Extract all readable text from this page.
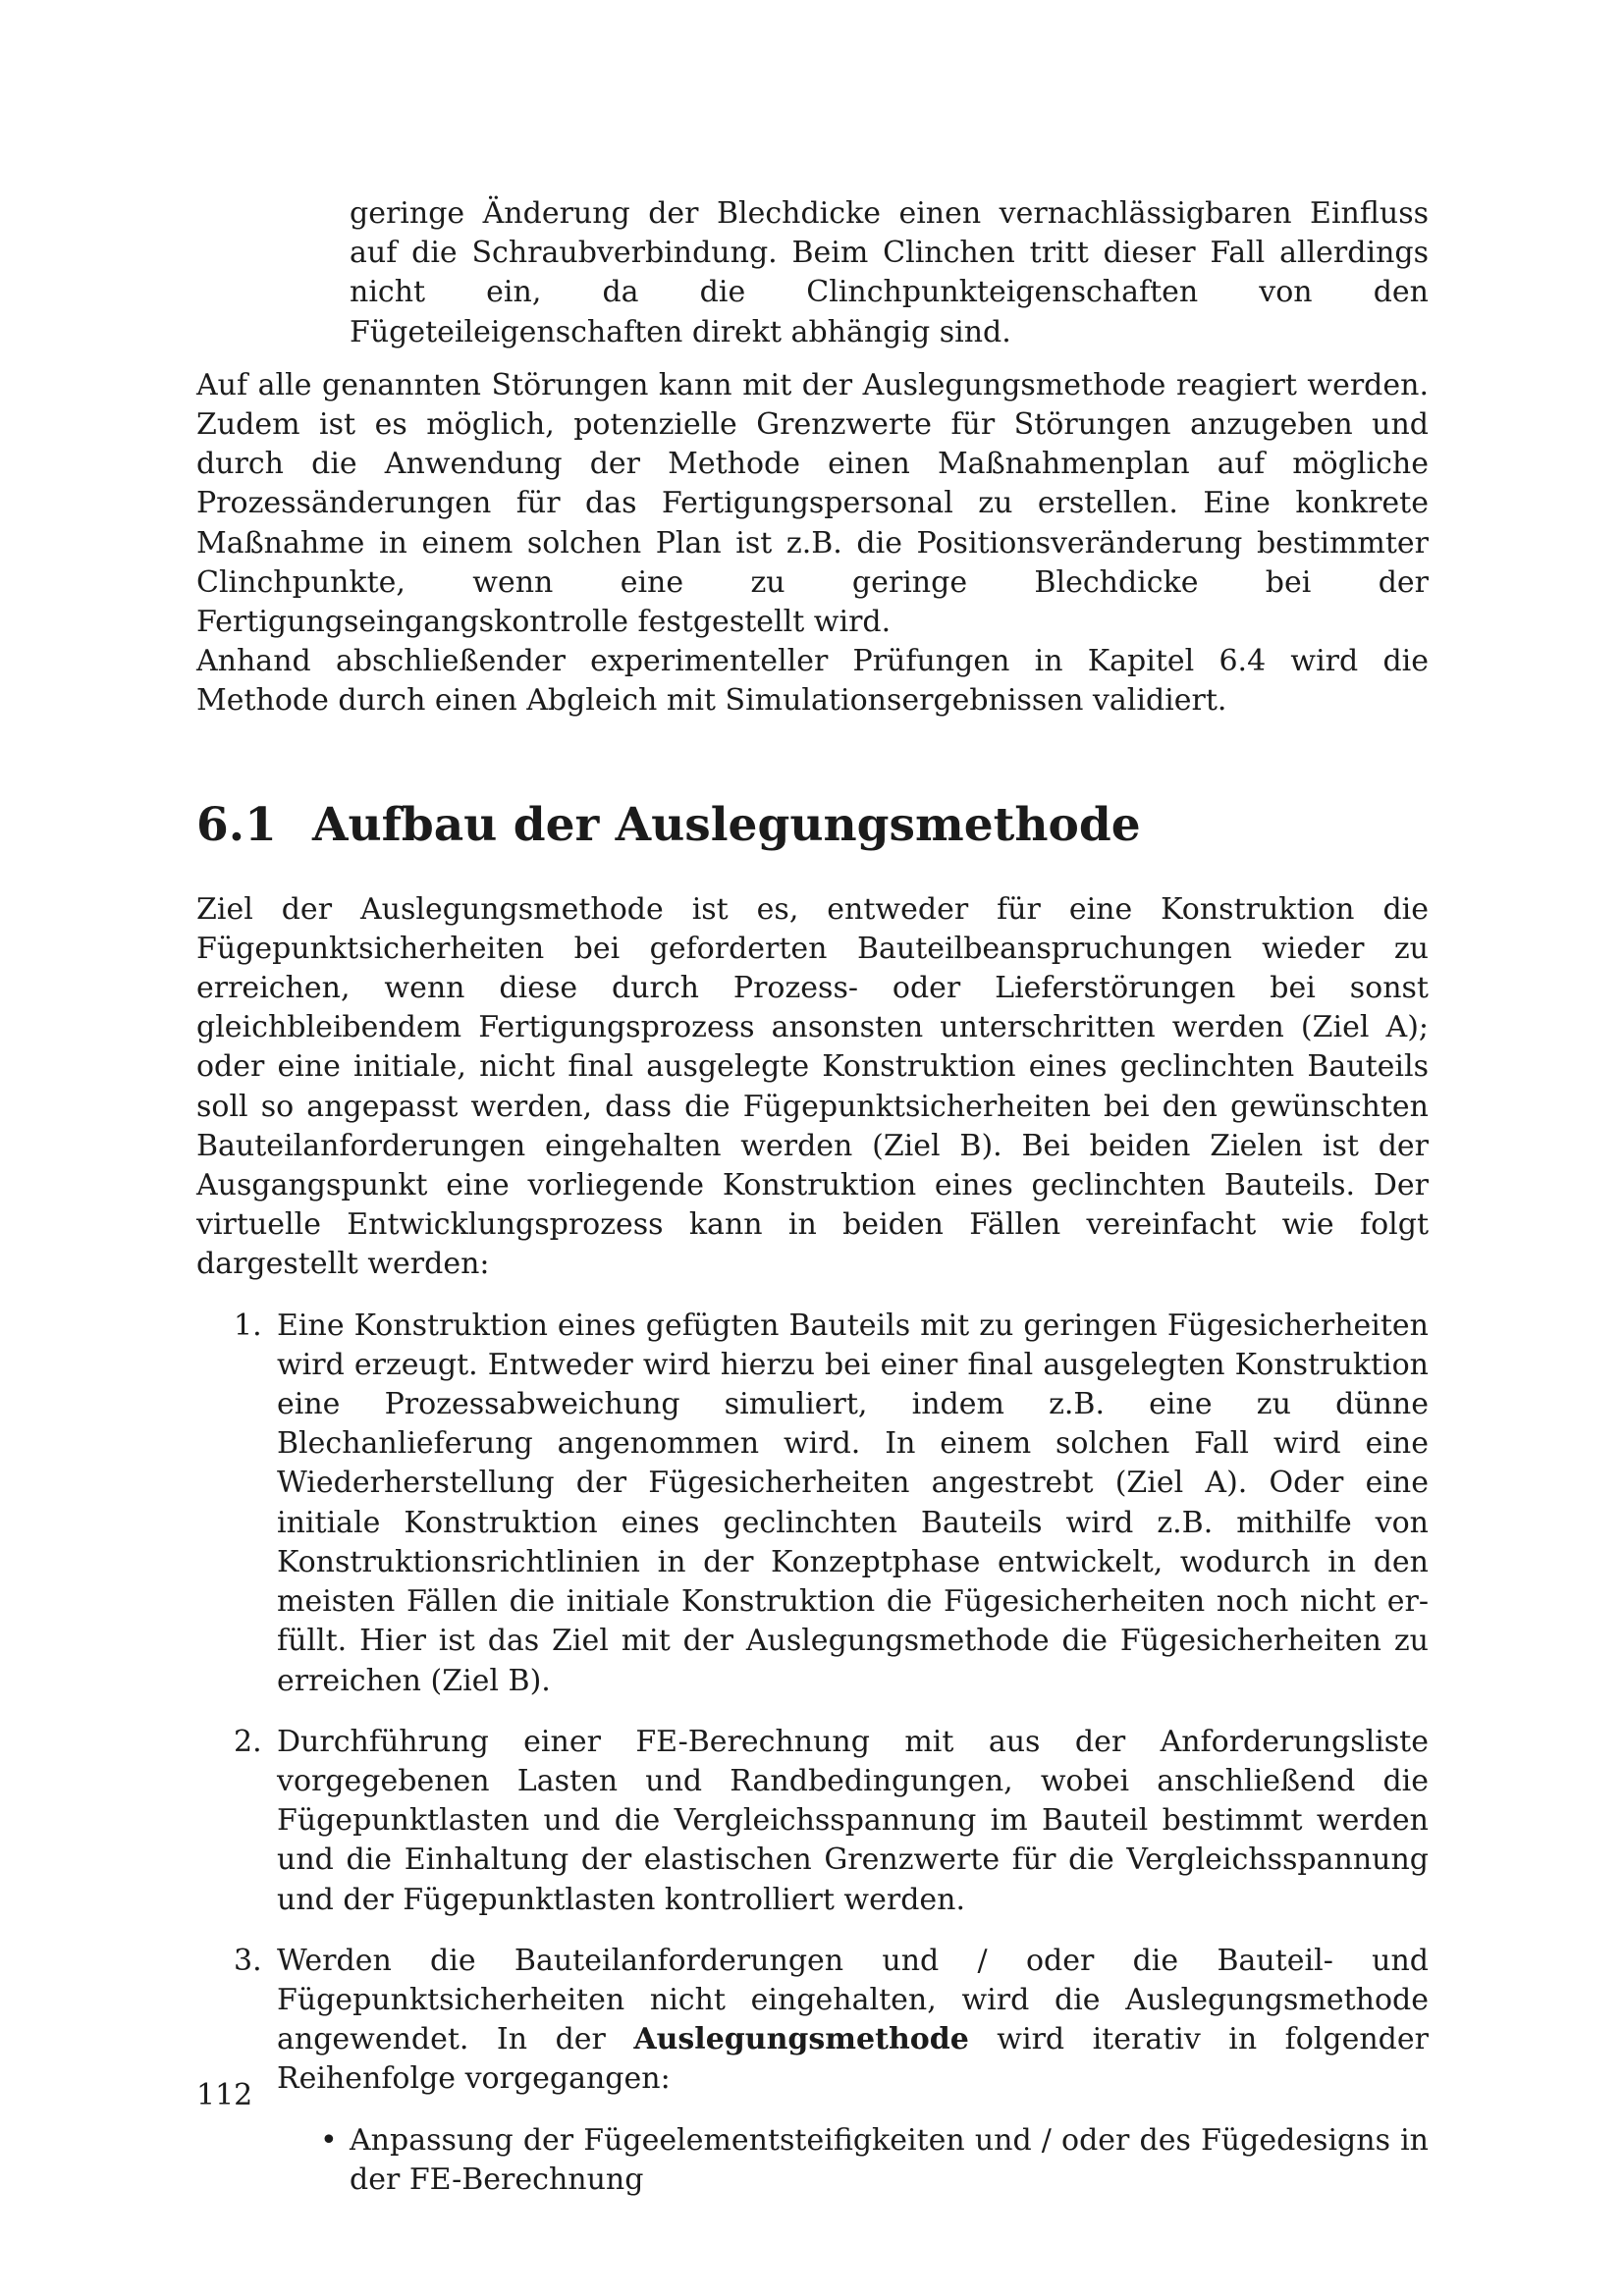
geringe Änderung der Blechdicke einen vernachlässigbaren Einfluss auf die Schraubverbindung. Beim Clinchen tritt dieser Fall allerdings nicht ein, da die Clinchpunkteigenschaften von den Fügeteileigenschaften direkt abhängig sind.

Auf alle genannten Störungen kann mit der Auslegungsmethode reagiert werden. Zudem ist es möglich, potenzielle Grenzwerte für Störungen anzugeben und durch die Anwendung der Methode einen Maßnahmenplan auf mögliche Prozessänderungen für das Fertigungspersonal zu erstellen. Eine konkrete Maßnahme in einem solchen Plan ist z.B. die Positionsveränderung bestimmter Clinchpunkte, wenn eine zu geringe Blechdicke bei der Fertigungseingangskontrolle festgestellt wird.

Anhand abschließender experimenteller Prüfungen in Kapitel 6.4 wird die Methode durch einen Abgleich mit Simulationsergebnissen validiert.

6.1 Aufbau der Auslegungsmethode

Ziel der Auslegungsmethode ist es, entweder für eine Konstruktion die Fügepunktsicherheiten bei geforderten Bauteilbeanspruchungen wieder zu erreichen, wenn diese durch Prozess- oder Lieferstörungen bei sonst gleichbleibendem Fertigungsprozess ansonsten unterschritten werden (Ziel A); oder eine initiale, nicht final ausgelegte Konstruktion eines geclinchten Bauteils soll so angepasst werden, dass die Fügepunktsicherheiten bei den gewünschten Bauteilanforderungen eingehalten werden (Ziel B). Bei beiden Zielen ist der Ausgangspunkt eine vorliegende Konstruktion eines geclinchten Bauteils. Der virtuelle Entwicklungsprozess kann in beiden Fällen vereinfacht wie folgt dargestellt werden:

1. Eine Konstruktion eines gefügten Bauteils mit zu geringen Fügesicherheiten wird erzeugt. Entweder wird hierzu bei einer final ausgelegten Konstruktion eine Prozessabweichung simuliert, indem z.B. eine zu dünne Blechanlieferung angenommen wird. In einem solchen Fall wird eine Wiederherstellung der Fügesicherheiten angestrebt (Ziel A). Oder eine initiale Konstruktion eines geclinchten Bauteils wird z.B. mithilfe von Konstruktionsrichtlinien in der Konzeptphase entwickelt, wodurch in den meisten Fällen die initiale Konstruktion die Fügesicherheiten noch nicht erfüllt. Hier ist das Ziel mit der Auslegungsmethode die Fügesicherheiten zu erreichen (Ziel B).

2. Durchführung einer FE-Berechnung mit aus der Anforderungsliste vorgegebenen Lasten und Randbedingungen, wobei anschließend die Fügepunktlasten und die Vergleichsspannung im Bauteil bestimmt werden und die Einhaltung der elastischen Grenzwerte für die Vergleichsspannung und der Fügepunktlasten kontrolliert werden.

3. Werden die Bauteilanforderungen und / oder die Bauteil- und Fügepunktsicherheiten nicht eingehalten, wird die Auslegungsmethode angewendet. In der Auslegungsmethode wird iterativ in folgender Reihenfolge vorgegangen:

• Anpassung der Fügeelementsteifigkeiten und / oder des Fügedesigns in der FE-Berechnung

112
